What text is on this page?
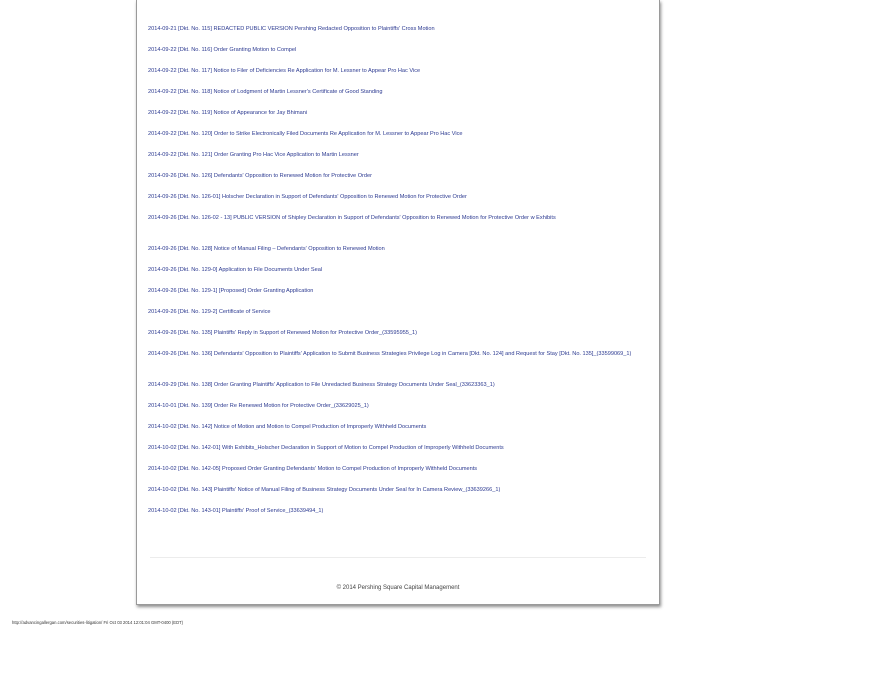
2014-09-21 [Dkt. No. 115] REDACTED PUBLIC VERSION Pershing Redacted Opposition to Plaintiffs' Cross Motion
2014-09-22 [Dkt. No. 116] Order Granting Motion to Compel
2014-09-22 [Dkt. No. 117] Notice to Filer of Deficiencies Re Application for M. Lessner to Appear Pro Hac Vice
2014-09-22 [Dkt. No. 118] Notice of Lodgment of Martin Lessner's Certificate of Good Standing
2014-09-22 [Dkt. No. 119] Notice of Appearance for Jay Bhimani
2014-09-22 [Dkt. No. 120] Order to Strike Electronically Filed Documents Re Application for M. Lessner to Appear Pro Hac Vice
2014-09-22 [Dkt. No. 121] Order Granting Pro Hac Vice Application to Martin Lessner
2014-09-26 [Dkt. No. 126] Defendants' Opposition to Renewed Motion for Protective Order
2014-09-26 [Dkt. No. 126-01] Holscher Declaration in Support of Defendants' Opposition to Renewed Motion for Protective Order
2014-09-26 [Dkt. No. 126-02 - 13] PUBLIC VERSION of Shipley Declaration in Support of Defendants' Opposition to Renewed Motion for Protective Order w Exhibits
2014-09-26 [Dkt. No. 128] Notice of Manual Filing – Defendants' Opposition to Renewed Motion
2014-09-26 [Dkt. No. 129-0] Application to File Documents Under Seal
2014-09-26 [Dkt. No. 129-1] [Proposed] Order Granting Application
2014-09-26 [Dkt. No. 129-2] Certificate of Service
2014-09-26 [Dkt. No. 135] Plaintiffs' Reply in Support of Renewed Motion for Protective Order_(33595955_1)
2014-09-26 [Dkt. No. 136] Defendants' Opposition to Plaintiffs' Application to Submit Business Strategies Privilege Log in Camera [Dkt. No. 124] and Request for Stay [Dkt. No. 135]_(33599069_1)
2014-09-29 [Dkt. No. 138] Order Granting Plaintiffs' Application to File Unredacted Business Strategy Documents Under Seal_(33623363_1)
2014-10-01 [Dkt. No. 139] Order Re Renewed Motion for Protective Order_(33629025_1)
2014-10-02 [Dkt. No. 142] Notice of Motion and Motion to Compel Production of Improperly Withheld Documents
2014-10-02 [Dkt. No. 142-01] With Exhibits_Holscher Declaration in Support of Motion to Compel Production of Improperly Withheld Documents
2014-10-02 [Dkt. No. 142-05] Proposed Order Granting Defendants' Motion to Compel Production of Improperly Withheld Documents
2014-10-02 [Dkt. No. 143] Plaintiffs' Notice of Manual Filing of Business Strategy Documents Under Seal for In Camera Review_(33639266_1)
2014-10-02 [Dkt. No. 143-01] Plaintiffs' Proof of Service_(33639494_1)
© 2014 Pershing Square Capital Management
http://advancingallergan.com/securities-litigation/ Fri Oct 03 2014 12:01:04 GMT-0400 (EDT)
